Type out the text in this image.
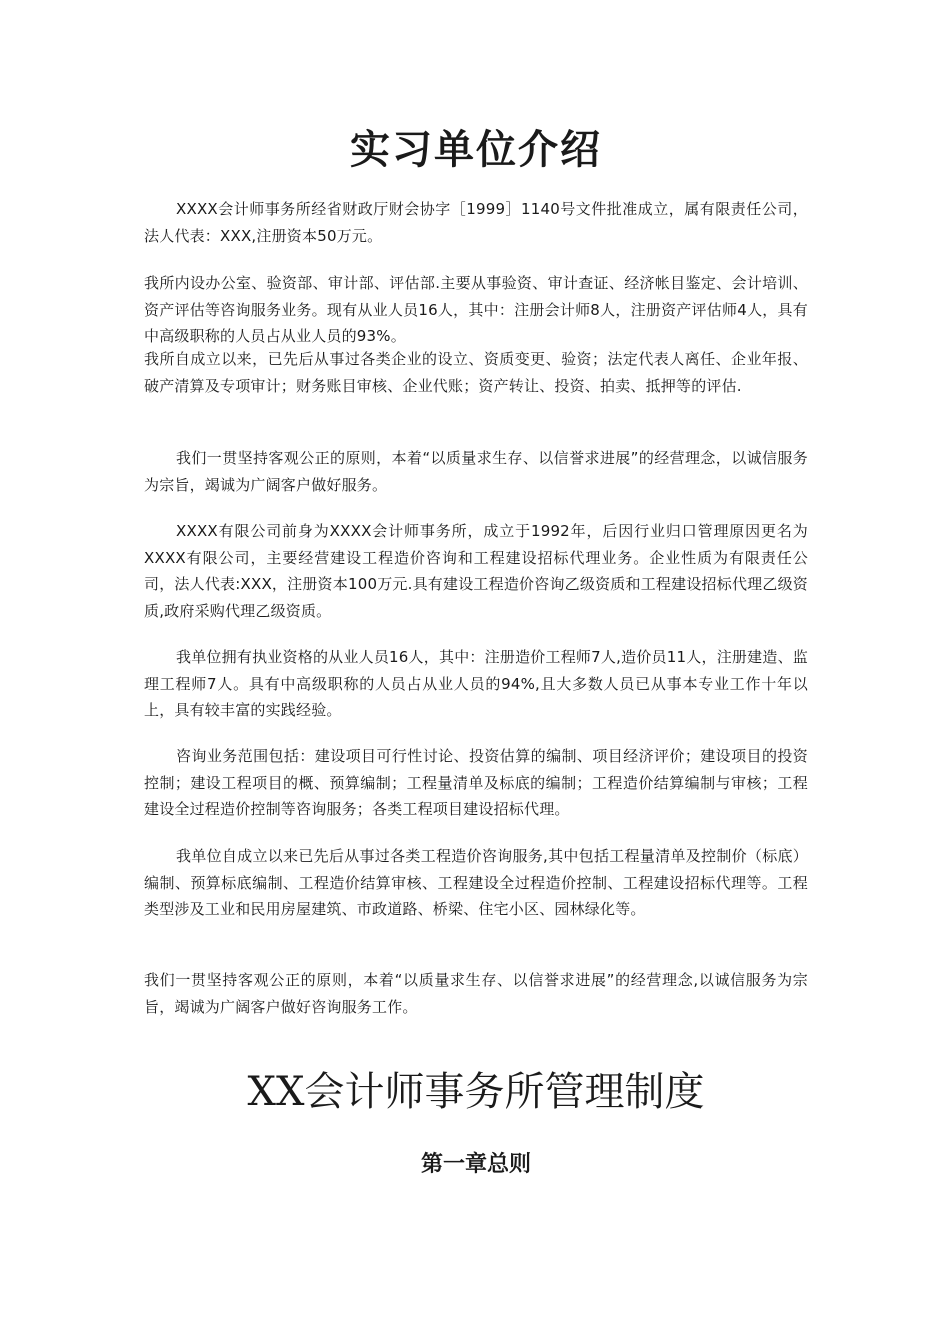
实习单位介绍

XXXX会计师事务所经省财政厅财会协字［1999］1140号文件批准成立，属有限责任公司，法人代表：XXX,注册资本50万元。

我所内设办公室、验资部、审计部、评估部.主要从事验资、审计查证、经济帐目鉴定、会计培训、资产评估等咨询服务业务。现有从业人员16人，其中：注册会计师8人，注册资产评估师4人，具有中高级职称的人员占从业人员的93%。

我所自成立以来，已先后从事过各类企业的设立、资质变更、验资；法定代表人离任、企业年报、破产清算及专项审计；财务账目审核、企业代账；资产转让、投资、拍卖、抵押等的评估.

我们一贯坚持客观公正的原则，本着“以质量求生存、以信誉求进展”的经营理念，以诚信服务为宗旨，竭诚为广阔客户做好服务。

XXXX有限公司前身为XXXX会计师事务所，成立于1992年，后因行业归口管理原因更名为XXXX有限公司，主要经营建设工程造价咨询和工程建设招标代理业务。企业性质为有限责任公司，法人代表:XXX，注册资本100万元.具有建设工程造价咨询乙级资质和工程建设招标代理乙级资质,政府采购代理乙级资质。

我单位拥有执业资格的从业人员16人，其中：注册造价工程师7人,造价员11人，注册建造、监理工程师7人。具有中高级职称的人员占从业人员的94%,且大多数人员已从事本专业工作十年以上，具有较丰富的实践经验。

咨询业务范围包括：建设项目可行性讨论、投资估算的编制、项目经济评价；建设项目的投资控制；建设工程项目的概、预算编制；工程量清单及标底的编制；工程造价结算编制与审核；工程建设全过程造价控制等咨询服务；各类工程项目建设招标代理。

我单位自成立以来已先后从事过各类工程造价咨询服务,其中包括工程量清单及控制价（标底）编制、预算标底编制、工程造价结算审核、工程建设全过程造价控制、工程建设招标代理等。工程类型涉及工业和民用房屋建筑、市政道路、桥梁、住宅小区、园林绿化等。

我们一贯坚持客观公正的原则，本着“以质量求生存、以信誉求进展”的经营理念,以诚信服务为宗旨，竭诚为广阔客户做好咨询服务工作。

XX会计师事务所管理制度
第一章总则
